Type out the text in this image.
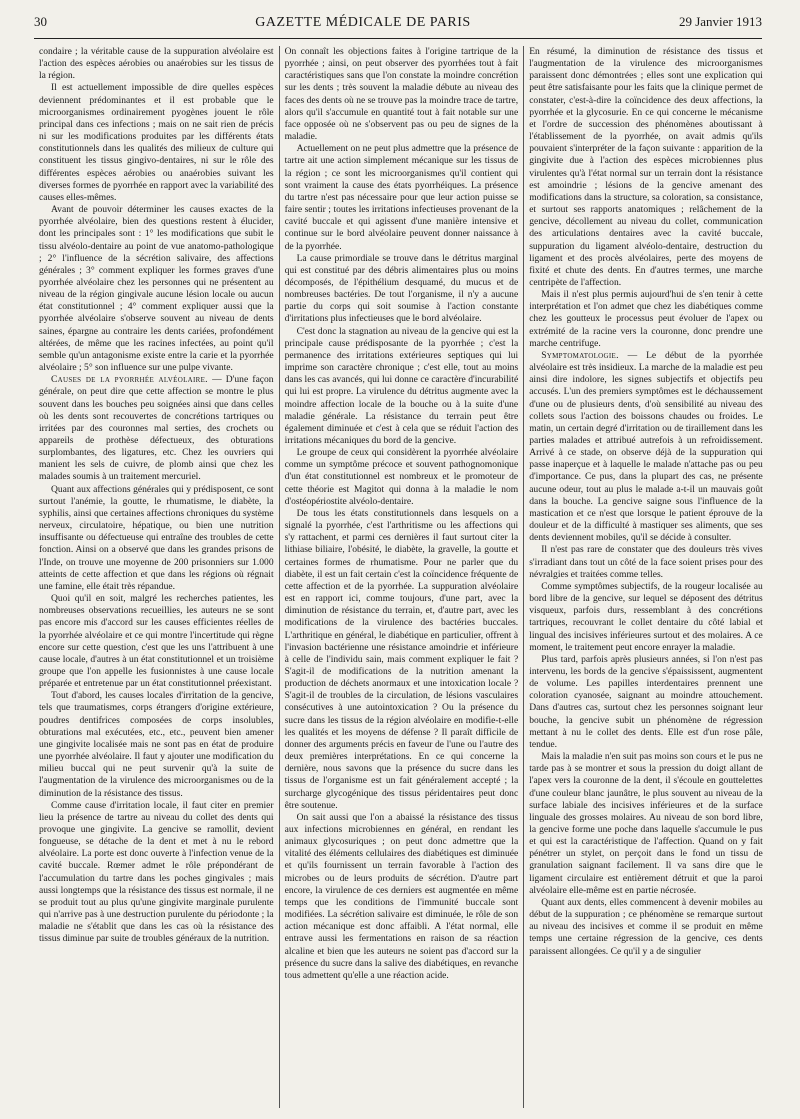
30	GAZETTE MÉDICALE DE PARIS	29 Janvier 1913

condaire ; la véritable cause de la suppuration alvéolaire est l'action des espèces aérobies ou anaérobies sur les tissus de la région.

Il est actuellement impossible de dire quelles espèces deviennent prédominantes et il est probable que le microorganismes ordinairement pyogènes jouent le rôle principal dans ces infections ; mais on ne sait rien de précis ni sur les modifications produites par les différents états constitutionnels dans les qualités des milieux de culture qui constituent les tissus gingivo-dentaires, ni sur le rôle des différentes espèces aérobies ou anaérobies suivant les diverses formes de pyorrhée en rapport avec la variabilité des causes elles-mêmes.

Avant de pouvoir déterminer les causes exactes de la pyorrhée alvéolaire, bien des questions restent à élucider, dont les principales sont : 1° les modifications que subit le tissu alvéolo-dentaire au point de vue anatomo-pathologique ; 2° l'influence de la sécrétion salivaire, des affections générales ; 3° comment expliquer les formes graves d'une pyorrhée alvéolaire chez les personnes qui ne présentent au niveau de la région gingivale aucune lésion locale ou aucun état constitutionnel ; 4° comment expliquer aussi que la pyorrhée alvéolaire s'observe souvent au niveau de dents saines, épargne au contraire les dents cariées, profondément altérées, de même que les racines infectées, au point qu'il semble qu'un antagonisme existe entre la carie et la pyorrhée alvéolaire ; 5° son influence sur une pulpe vivante.

Causes de la pyorrhée alvéolaire. — D'une façon générale, on peut dire que cette affection se montre le plus souvent dans les bouches peu soignées ainsi que dans celles où les dents sont recouvertes de concrétions tartriques ou irritées par des couronnes mal serties, des crochets ou appareils de prothèse défectueux, des obturations surplombantes, des ligatures, etc. Chez les ouvriers qui manient les sels de cuivre, de plomb ainsi que chez les malades soumis à un traitement mercuriel.

Quant aux affections générales qui y prédisposent, ce sont surtout l'anémie, la goutte, le rhumatisme, le diabète, la syphilis, ainsi que certaines affections chroniques du système nerveux, circulatoire, hépatique, ou bien une nutrition insuffisante ou défectueuse qui entraîne des troubles de cette fonction. Ainsi on a observé que dans les grandes prisons de l'Inde, on trouve une moyenne de 200 prisonniers sur 1.000 atteints de cette affection et que dans les régions où régnait une famine, elle était très répandue.

Quoi qu'il en soit, malgré les recherches patientes, les nombreuses observations recueillies, les auteurs ne se sont pas encore mis d'accord sur les causes efficientes réelles de la pyorrhée alvéolaire et ce qui montre l'incertitude qui règne encore sur cette question, c'est que les uns l'attribuent à une cause locale, d'autres à un état constitutionnel et un troisième groupe que l'on appelle les fusionnistes à une cause locale préparée et entretenue par un état constitutionnel préexistant.

Tout d'abord, les causes locales d'irritation de la gencive, tels que traumatismes, corps étrangers d'origine extérieure, poudres dentifrices composées de corps insolubles, obturations mal exécutées, etc., etc., peuvent bien amener une gingivite localisée mais ne sont pas en état de produire une pyorrhée alvéolaire. Il faut y ajouter une modification du milieu buccal qui ne peut survenir qu'à la suite de l'augmentation de la virulence des microorganismes ou de la diminution de la résistance des tissus.

Comme cause d'irritation locale, il faut citer en premier lieu la présence de tartre au niveau du collet des dents qui provoque une gingivite. La gencive se ramollit, devient fongueuse, se détache de la dent et met à nu le rebord alvéolaire. La porte est donc ouverte à l'infection venue de la cavité buccale. Rœmer admet le rôle prépondérant de l'accumulation du tartre dans les poches gingivales ; mais aussi longtemps que la résistance des tissus est normale, il ne se produit tout au plus qu'une gingivite marginale purulente qui n'arrive pas à une destruction purulente du périodonte ; la maladie ne s'établit que dans les cas où la résistance des tissus diminue par suite de troubles généraux de la nutrition.

On connaît les objections faites à l'origine tartrique de la pyorrhée ; ainsi, on peut observer des pyorrhées tout à fait caractéristiques sans que l'on constate la moindre concrétion sur les dents ; très souvent la maladie débute au niveau des faces des dents où ne se trouve pas la moindre trace de tartre, alors qu'il s'accumule en quantité tout à fait notable sur une face opposée où ne s'observent pas ou peu de signes de la maladie.

Actuellement on ne peut plus admettre que la présence de tartre ait une action simplement mécanique sur les tissus de la région ; ce sont les microorganismes qu'il contient qui sont vraiment la cause des états pyorrhéiques. La présence du tartre n'est pas nécessaire pour que leur action puisse se faire sentir ; toutes les irritations infectieuses provenant de la cavité buccale et qui agissent d'une manière intensive et continue sur le bord alvéolaire peuvent donner naissance à de la pyorrhée.

La cause primordiale se trouve dans le détritus marginal qui est constitué par des débris alimentaires plus ou moins décomposés, de l'épithélium desquamé, du mucus et de nombreuses bactéries. De tout l'organisme, il n'y a aucune partie du corps qui soit soumise à l'action constante d'irritations plus infectieuses que le bord alvéolaire.

C'est donc la stagnation au niveau de la gencive qui est la principale cause prédisposante de la pyorrhée ; c'est la permanence des irritations extérieures septiques qui lui imprime son caractère chronique ; c'est elle, tout au moins dans les cas avancés, qui lui donne ce caractère d'incurabilité qui lui est propre. La virulence du détritus augmente avec la moindre affection locale de la bouche ou à la suite d'une maladie générale. La résistance du terrain peut être également diminuée et c'est à cela que se réduit l'action des irritations mécaniques du bord de la gencive.

Le groupe de ceux qui considèrent la pyorrhée alvéolaire comme un symptôme précoce et souvent pathognomonique d'un état constitutionnel est nombreux et le promoteur de cette théorie est Magitot qui donna à la maladie le nom d'ostéopériostite alvéolo-dentaire.

De tous les états constitutionnels dans lesquels on a signalé la pyorrhée, c'est l'arthritisme ou les affections qui s'y rattachent, et parmi ces dernières il faut surtout citer la lithiase biliaire, l'obésité, le diabète, la gravelle, la goutte et certaines formes de rhumatisme. Pour ne parler que du diabète, il est un fait certain c'est la coïncidence fréquente de cette affection et de la pyorrhée. La suppuration alvéolaire est en rapport ici, comme toujours, d'une part, avec la diminution de résistance du terrain, et, d'autre part, avec les modifications de la virulence des bactéries buccales. L'arthritique en général, le diabétique en particulier, offrent à l'invasion bactérienne une résistance amoindrie et inférieure à celle de l'individu sain, mais comment expliquer le fait ? S'agit-il de modifications de la nutrition amenant la production de déchets anormaux et une intoxication locale ? S'agit-il de troubles de la circulation, de lésions vasculaires consécutives à une autointoxication ? Ou la présence du sucre dans les tissus de la région alvéolaire en modifie-t-elle les qualités et les moyens de défense ? Il paraît difficile de donner des arguments précis en faveur de l'une ou l'autre des deux premières interprétations. En ce qui concerne la dernière, nous savons que la présence du sucre dans les tissus de l'organisme est un fait généralement accepté ; la surcharge glycogénique des tissus péridentaires peut donc être soutenue.

On sait aussi que l'on a abaissé la résistance des tissus aux infections microbiennes en général, en rendant les animaux glycosuriques ; on peut donc admettre que la vitalité des éléments cellulaires des diabétiques est diminuée et qu'ils fournissent un terrain favorable à l'action des microbes ou de leurs produits de sécrétion. D'autre part encore, la virulence de ces derniers est augmentée en même temps que les conditions de l'immunité buccale sont modifiées. La sécrétion salivaire est diminuée, le rôle de son action mécanique est donc affaibli. A l'état normal, elle entrave aussi les fermentations en raison de sa réaction alcaline et bien que les auteurs ne soient pas d'accord sur la présence du sucre dans la salive des diabétiques, en revanche tous admettent qu'elle a une réaction acide.

En résumé, la diminution de résistance des tissus et l'augmentation de la virulence des microorganismes paraissent donc démontrées ; elles sont une explication qui peut être satisfaisante pour les faits que la clinique permet de constater, c'est-à-dire la coïncidence des deux affections, la pyorrhée et la glycosurie. En ce qui concerne le mécanisme et l'ordre de succession des phénomènes aboutissant à l'établissement de la pyorrhée, on avait admis qu'ils pouvaient s'interpréter de la façon suivante : apparition de la gingivite due à l'action des espèces microbiennes plus virulentes qu'à l'état normal sur un terrain dont la résistance est amoindrie ; lésions de la gencive amenant des modifications dans la structure, sa coloration, sa consistance, et surtout ses rapports anatomiques ; relâchement de la gencive, décollement au niveau du collet, communication des articulations dentaires avec la cavité buccale, suppuration du ligament alvéolo-dentaire, destruction du ligament et des procès alvéolaires, perte des moyens de fixité et chute des dents. En d'autres termes, une marche centripète de l'affection.

Mais il n'est plus permis aujourd'hui de s'en tenir à cette interprétation et l'on admet que chez les diabétiques comme chez les goutteux le processus peut évoluer de l'apex ou extrémité de la racine vers la couronne, donc prendre une marche centrifuge.

Symptomatologie. — Le début de la pyorrhée alvéolaire est très insidieux. La marche de la maladie est peu ainsi dire indolore, les signes subjectifs et objectifs peu accusés. L'un des premiers symptômes est le déchaussement d'une ou de plusieurs dents, d'où sensibilité au niveau des collets sous l'action des boissons chaudes ou froides. Le matin, un certain degré d'irritation ou de tiraillement dans les parties malades et attribué autrefois à un refroidissement. Arrivé à ce stade, on observe déjà de la suppuration qui passe inaperçue et à laquelle le malade n'attache pas ou peu d'importance. Ce pus, dans la plupart des cas, ne présente aucune odeur, tout au plus le malade a-t-il un mauvais goût dans la bouche. La gencive saigne sous l'influence de la mastication et ce n'est que lorsque le patient éprouve de la douleur et de la difficulté à mastiquer ses aliments, que ses dents deviennent mobiles, qu'il se décide à consulter.

Il n'est pas rare de constater que des douleurs très vives s'irradiant dans tout un côté de la face soient prises pour des névralgies et traitées comme telles.

Comme symptômes subjectifs, de la rougeur localisée au bord libre de la gencive, sur lequel se déposent des détritus visqueux, parfois durs, ressemblant à des concrétions tartriques, recouvrant le collet dentaire du côté labial et lingual des incisives inférieures surtout et des molaires. A ce moment, le traitement peut encore enrayer la maladie.

Plus tard, parfois après plusieurs années, si l'on n'est pas intervenu, les bords de la gencive s'épaississent, augmentent de volume. Les papilles interdentaires prennent une coloration cyanosée, saignant au moindre attouchement. Dans d'autres cas, surtout chez les personnes soignant leur bouche, la gencive subit un phénomène de régression mettant à nu le collet des dents. Elle est d'un rose pâle, tendue.

Mais la maladie n'en suit pas moins son cours et le pus ne tarde pas à se montrer et sous la pression du doigt allant de l'apex vers la couronne de la dent, il s'écoule en gouttelettes d'une couleur blanc jaunâtre, le plus souvent au niveau de la surface labiale des incisives inférieures et de la surface linguale des grosses molaires. Au niveau de son bord libre, la gencive forme une poche dans laquelle s'accumule le pus et qui est la caractéristique de l'affection. Quand on y fait pénétrer un stylet, on perçoit dans le fond un tissu de granulation saignant facilement. Il va sans dire que le ligament circulaire est entièrement détruit et que la paroi alvéolaire elle-même est en partie nécrosée.

Quant aux dents, elles commencent à devenir mobiles au début de la suppuration ; ce phénomène se remarque surtout au niveau des incisives et comme il se produit en même temps une certaine régression de la gencive, ces dents paraissent allongées. Ce qu'il y a de singulier
